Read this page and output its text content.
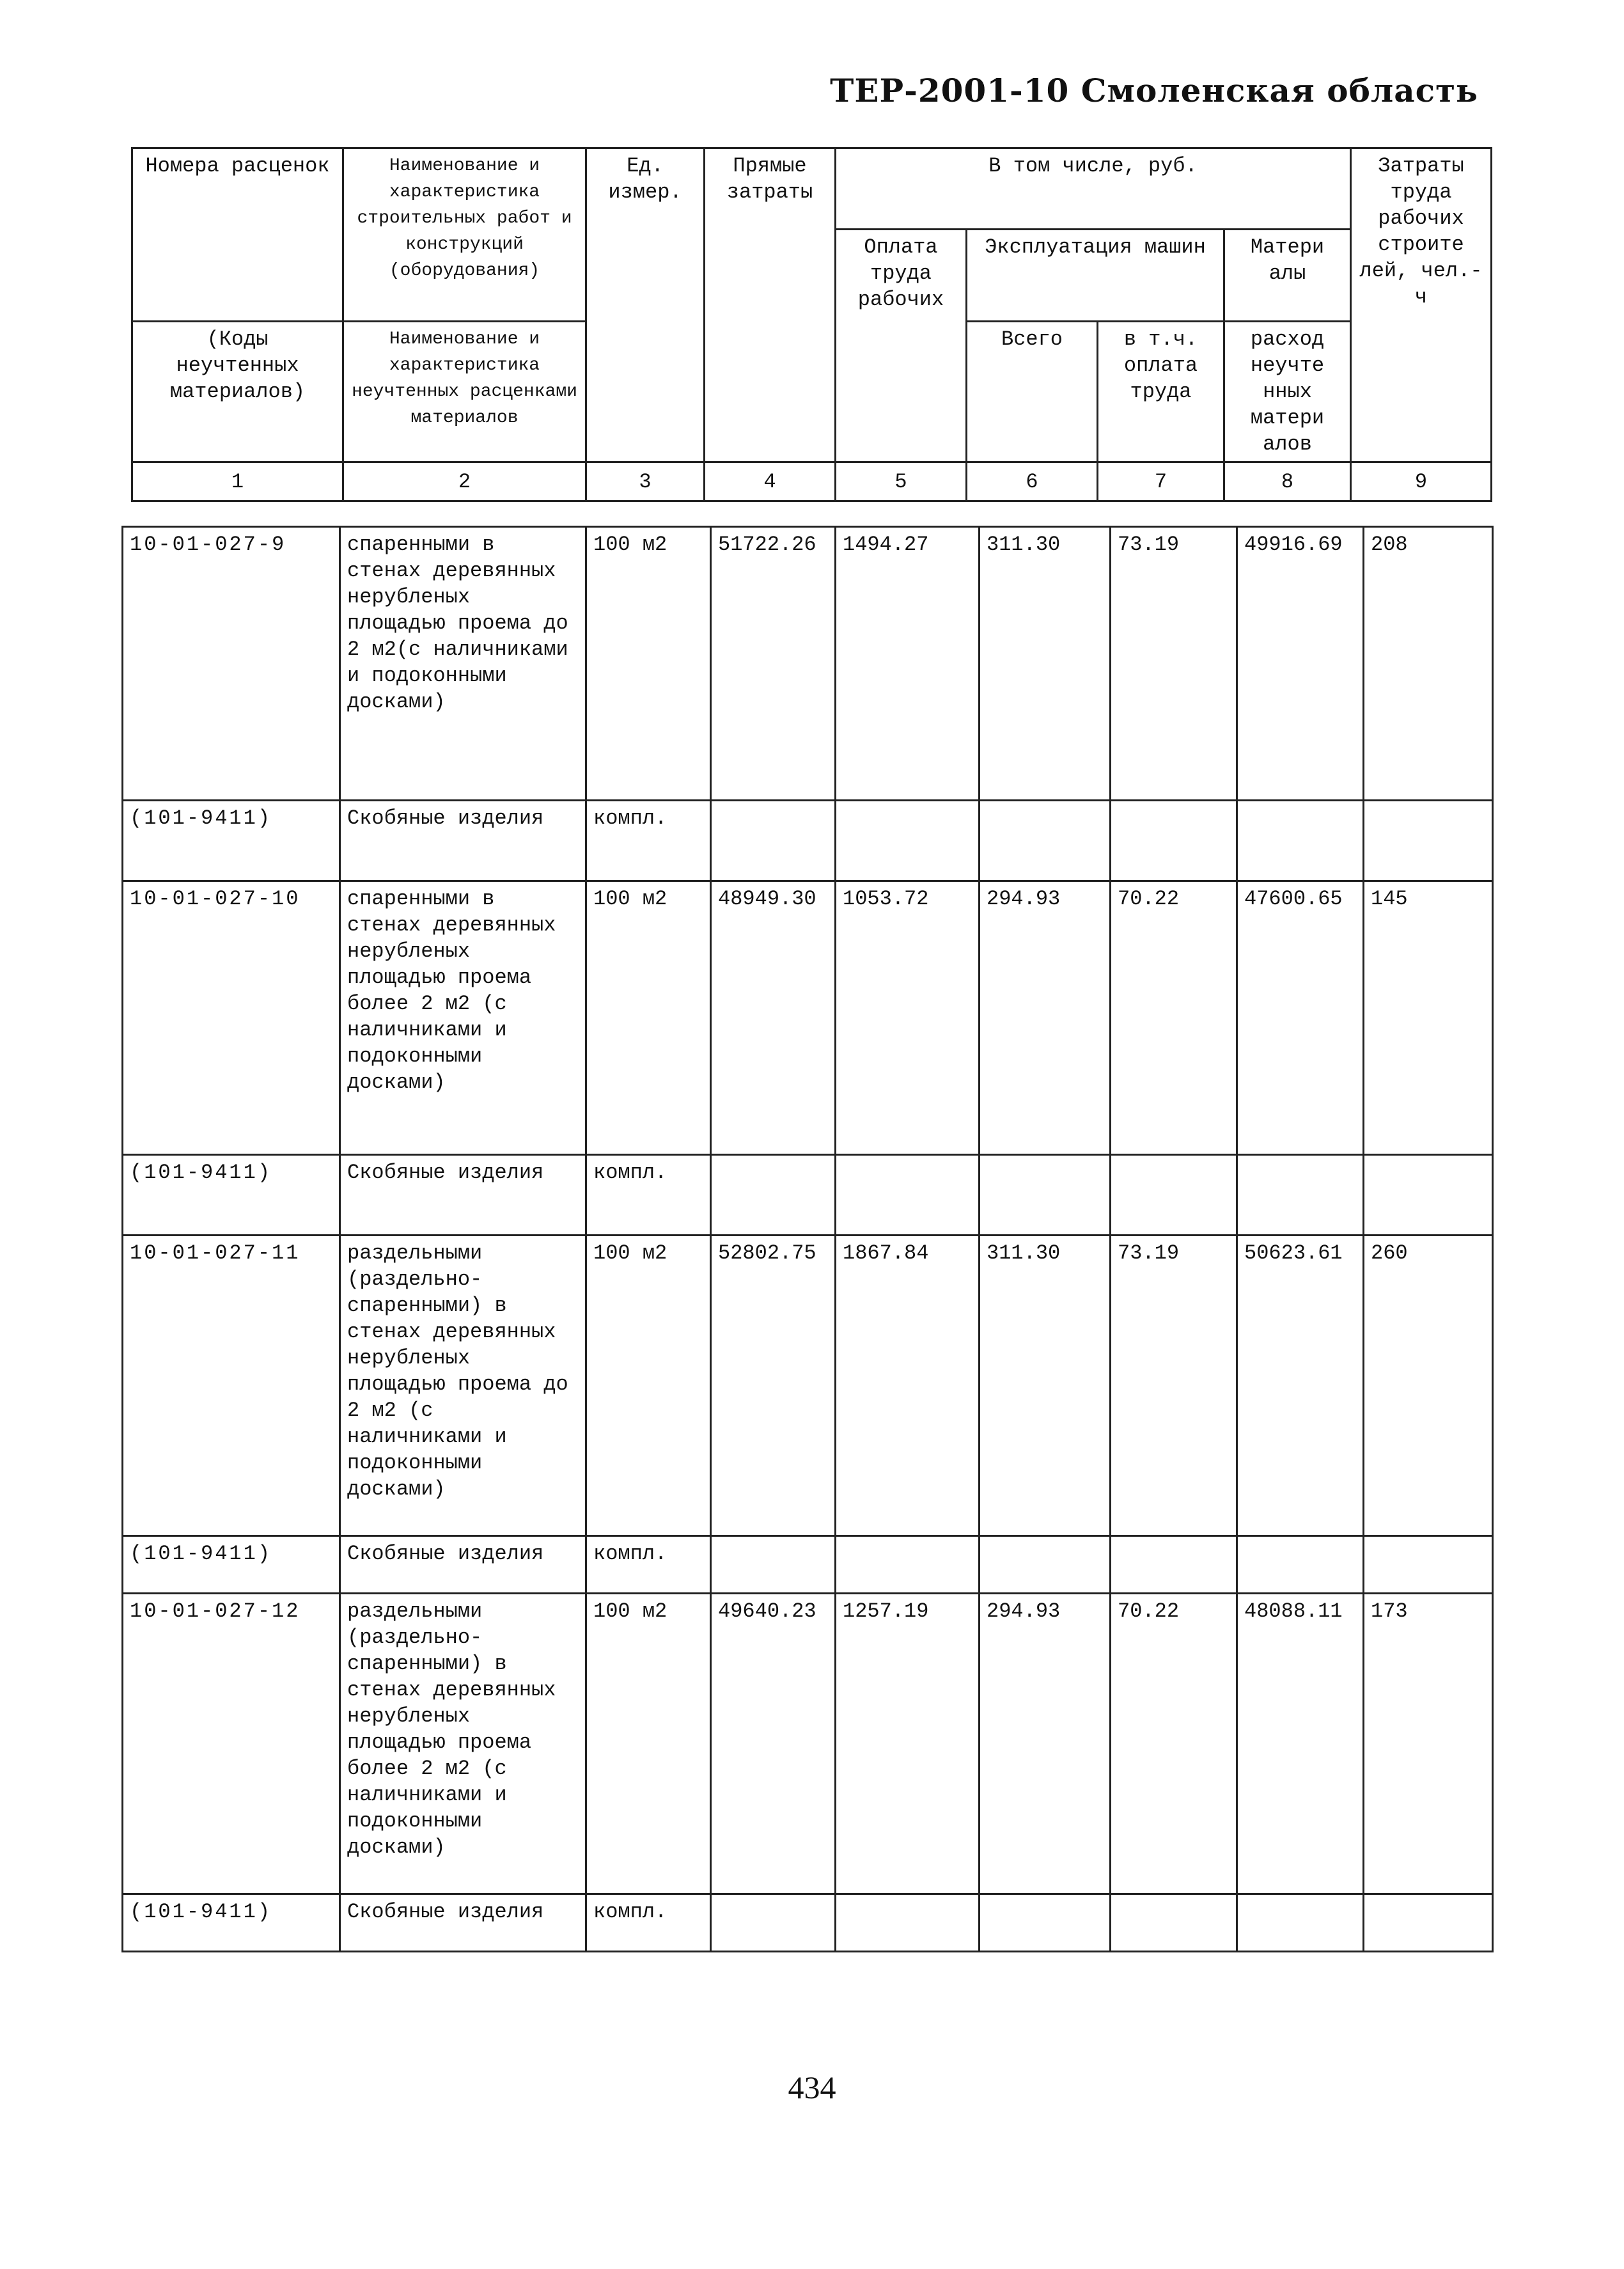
ТЕР-2001-10 Смоленская область
Номера расценок	Наименование и характеристика строительных работ и конструкций (оборудования)	Ед. измер.	Прямые затраты	В том числе, руб.				Затраты труда рабочих строите лей, чел.-ч
				Оплата труда рабочих	Эксплуатация машин		Матери алы	
(Коды неучтенных материалов)	Наименование и характеристика неучтенных расценками материалов				Всего	в т.ч. оплата труда	расход неучте нных матери алов	
1	2	3	4	5	6	7	8	9
10-01-027-9	спаренными в стенах деревянных нерубленых площадью проема до 2 м2(с наличниками и подоконными досками)	100 м2	51722.26	1494.27	311.30	73.19	49916.69	208
(101-9411)	Скобяные изделия	компл.						
10-01-027-10	спаренными в стенах деревянных нерубленых площадью проема более 2 м2 (с наличниками и подоконными досками)	100 м2	48949.30	1053.72	294.93	70.22	47600.65	145
(101-9411)	Скобяные изделия	компл.						
10-01-027-11	раздельными (раздельно-спаренными) в стенах деревянных нерубленых площадью проема до 2 м2 (с наличниками и подоконными досками)	100 м2	52802.75	1867.84	311.30	73.19	50623.61	260
(101-9411)	Скобяные изделия	компл.						
10-01-027-12	раздельными (раздельно-спаренными) в стенах деревянных нерубленых площадью проема более 2 м2 (с наличниками и подоконными досками)	100 м2	49640.23	1257.19	294.93	70.22	48088.11	173
(101-9411)	Скобяные изделия	компл.						
434
